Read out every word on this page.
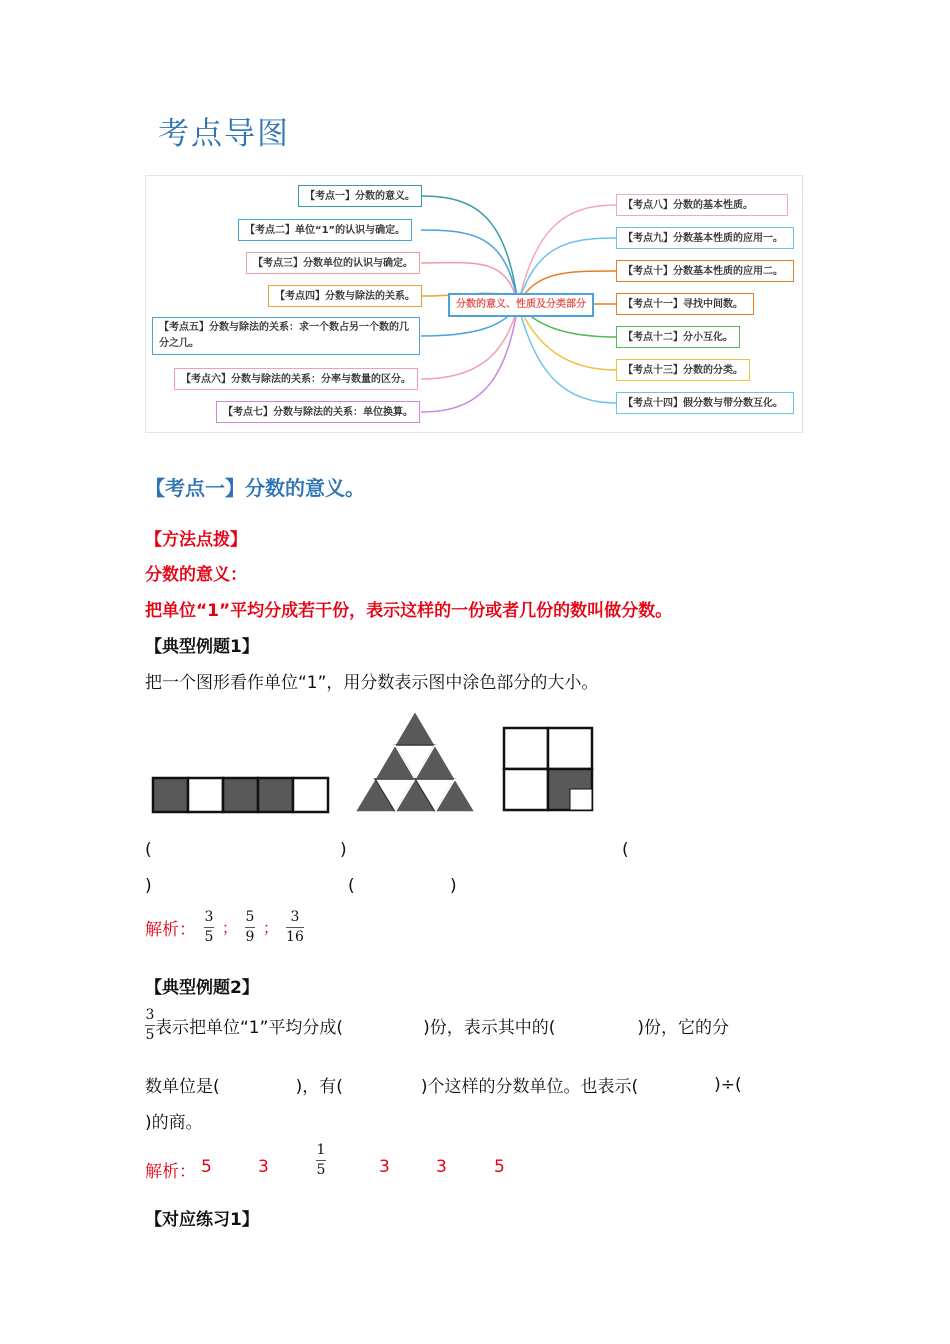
考点导图
分数的意义、性质及分类部分
【考点一】分数的意义。
【考点二】单位“1”的认识与确定。
【考点三】分数单位的认识与确定。
【考点四】分数与除法的关系。
【考点五】分数与除法的关系：求一个数占另一个数的几分之几。
【考点六】分数与除法的关系：分率与数量的区分。
【考点七】分数与除法的关系：单位换算。
【考点八】分数的基本性质。
【考点九】分数基本性质的应用一。
【考点十】分数基本性质的应用二。
【考点十一】寻找中间数。
【考点十二】分小互化。
【考点十三】分数的分类。
【考点十四】假分数与带分数互化。
【考点一】分数的意义。
【方法点拨】
分数的意义：
把单位“1”平均分成若干份，表示这样的一份或者几份的数叫做分数。
【典型例题1】
把一个图形看作单位“1”，用分数表示图中涂色部分的大小。
(	)	(
)	(	)
解析： $\frac{3}{5}$ ； $\frac{5}{9}$ ； $\frac{3}{16}$
【典型例题2】
$\frac{3}{5}$ 表示把单位“1”平均分成(	)份，表示其中的(	)份，它的分
数单位是(	)，有(	)个这样的分数单位。也表示(	)÷(
)的商。
解析： 5	3	$\frac{1}{5}$	3	3	5
【对应练习1】
